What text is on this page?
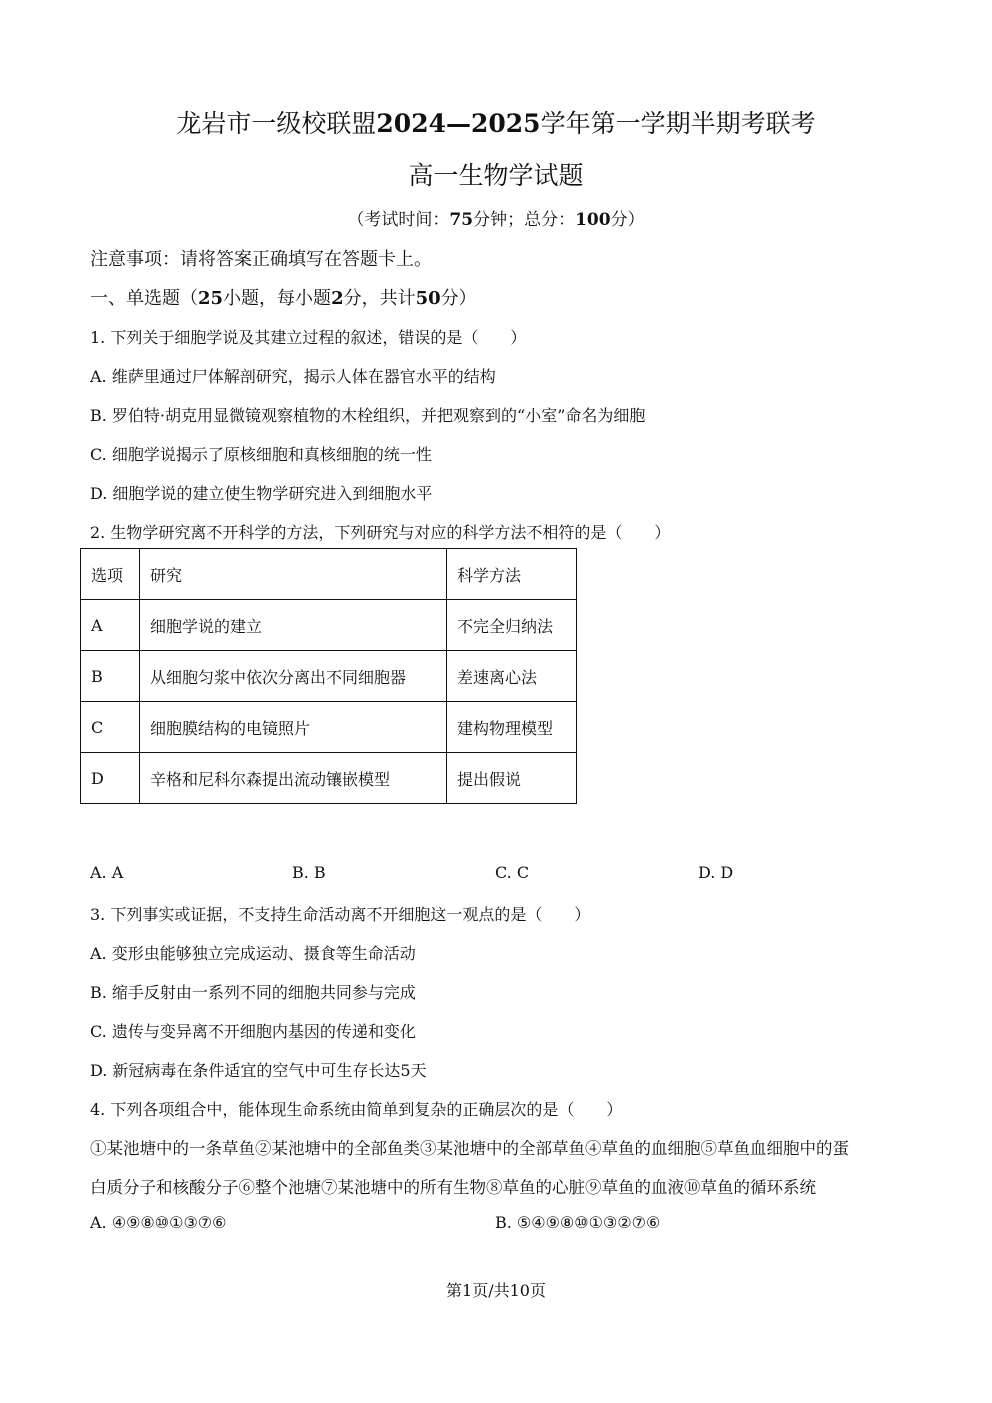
龙岩市一级校联盟2024—2025学年第一学期半期考联考
高一生物学试题
（考试时间：75分钟；总分：100分）
注意事项：请将答案正确填写在答题卡上。
一、单选题（25小题，每小题2分，共计50分）
1. 下列关于细胞学说及其建立过程的叙述，错误的是（　　）
A. 维萨里通过尸体解剖研究，揭示人体在器官水平的结构
B. 罗伯特·胡克用显微镜观察植物的木栓组织，并把观察到的“小室”命名为细胞
C. 细胞学说揭示了原核细胞和真核细胞的统一性
D. 细胞学说的建立使生物学研究进入到细胞水平
2. 生物学研究离不开科学的方法，下列研究与对应的科学方法不相符的是（　　）
选项	研究	科学方法
A	细胞学说的建立	不完全归纳法
B	从细胞匀浆中依次分离出不同细胞器	差速离心法
C	细胞膜结构的电镜照片	建构物理模型
D	辛格和尼科尔森提出流动镶嵌模型	提出假说
A. A	B. B	C. C	D. D
3. 下列事实或证据，不支持生命活动离不开细胞这一观点的是（　　）
A. 变形虫能够独立完成运动、摄食等生命活动
B. 缩手反射由一系列不同的细胞共同参与完成
C. 遗传与变异离不开细胞内基因的传递和变化
D. 新冠病毒在条件适宜的空气中可生存长达5天
4. 下列各项组合中，能体现生命系统由简单到复杂的正确层次的是（　　）
①某池塘中的一条草鱼②某池塘中的全部鱼类③某池塘中的全部草鱼④草鱼的血细胞⑤草鱼血细胞中的蛋
白质分子和核酸分子⑥整个池塘⑦某池塘中的所有生物⑧草鱼的心脏⑨草鱼的血液⑩草鱼的循环系统
A. ④⑨⑧⑩①③⑦⑥	B. ⑤④⑨⑧⑩①③②⑦⑥
第1页/共10页
